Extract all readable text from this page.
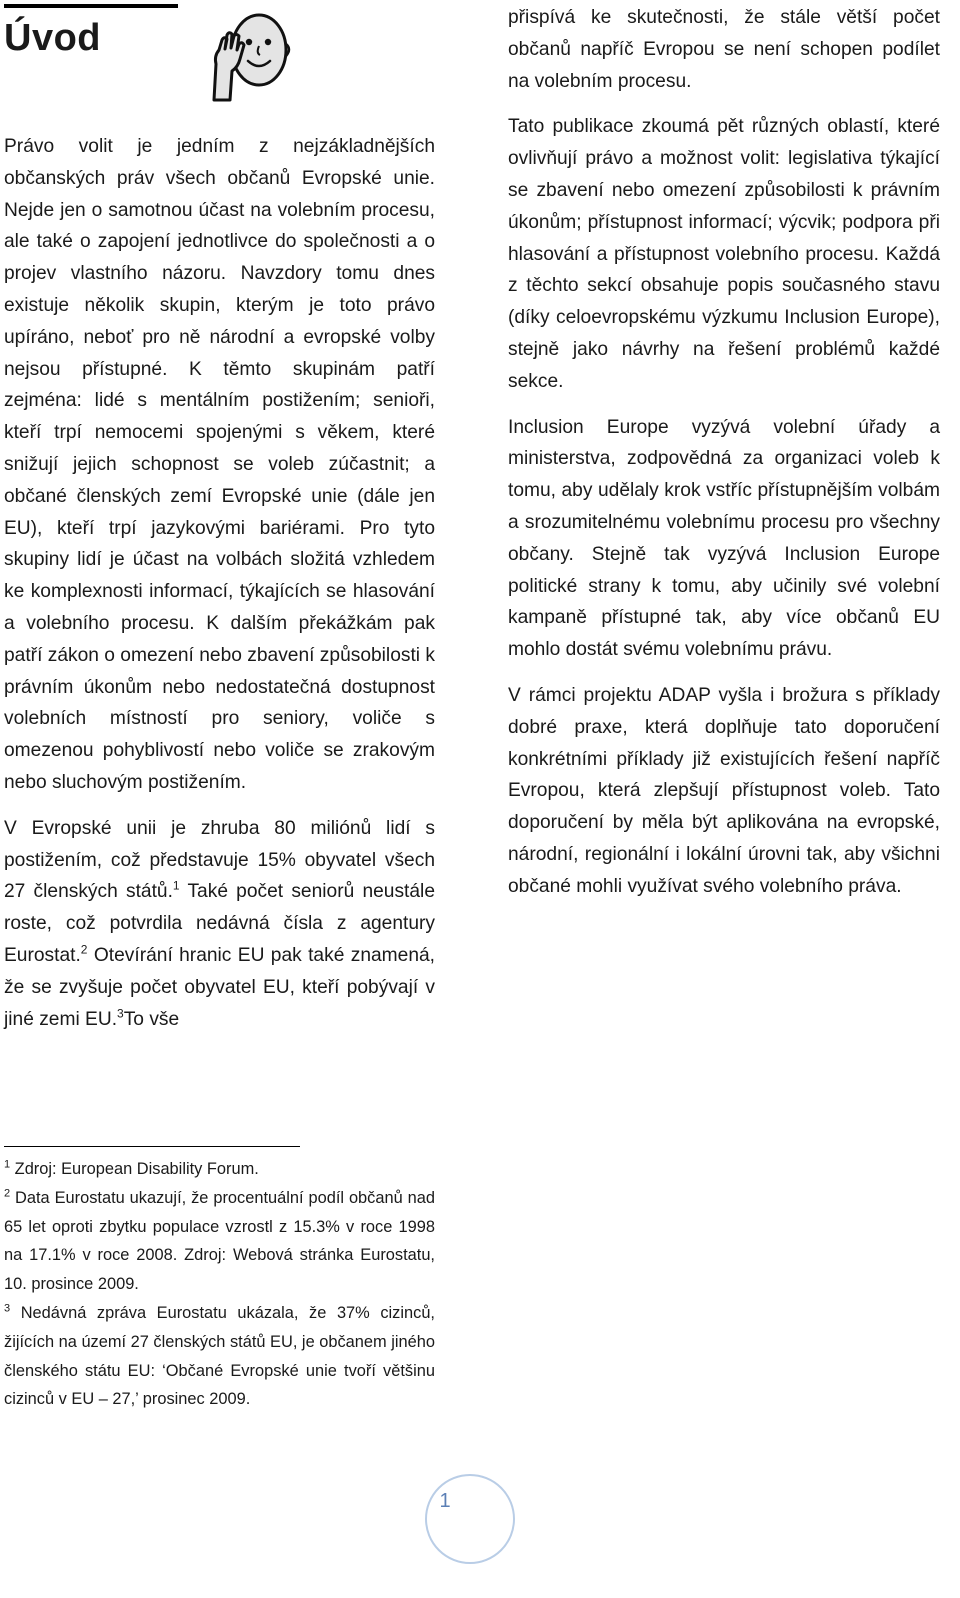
Úvod

Právo volit je jedním z nejzákladnějších občanských práv všech občanů Evropské unie. Nejde jen o samotnou účast na volebním procesu, ale také o zapojení jednotlivce do společnosti a o projev vlastního názoru. Navzdory tomu dnes existuje několik skupin, kterým je toto právo upíráno, neboť pro ně národní a evropské volby nejsou přístupné. K těmto skupinám patří zejména: lidé s mentálním postižením; senioři, kteří trpí nemocemi spojenými s věkem, které snižují jejich schopnost se voleb zúčastnit; a občané členských zemí Evropské unie (dále jen EU), kteří trpí jazykovými bariérami. Pro tyto skupiny lidí je účast na volbách složitá vzhledem ke komplexnosti informací, týkajících se hlasování a volebního procesu. K dalším překážkám pak patří zákon o omezení nebo zbavení způsobilosti k právním úkonům nebo nedostatečná dostupnost volebních místností pro seniory, voliče s omezenou pohyblivostí nebo voliče se zrakovým nebo sluchovým postižením.

V Evropské unii je zhruba 80 miliónů lidí s postižením, což představuje 15% obyvatel všech 27 členských států.$^1$ Také počet seniorů neustále roste, což potvrdila nedávná čísla z agentury Eurostat.$^2$ Otevírání hranic EU pak také znamená, že se zvyšuje počet obyvatel EU, kteří pobývají v jiné zemi EU.$^3$To vše

přispívá ke skutečnosti, že stále větší počet občanů napříč Evropou se není schopen podílet na volebním procesu.

Tato publikace zkoumá pět různých oblastí, které ovlivňují právo a možnost volit: legislativa týkající se zbavení nebo omezení způsobilosti k právním úkonům; přístupnost informací; výcvik; podpora při hlasování a přístupnost volebního procesu. Každá z těchto sekcí obsahuje popis současného stavu (díky celoevropskému výzkumu Inclusion Europe), stejně jako návrhy na řešení problémů každé sekce.

Inclusion Europe vyzývá volební úřady a ministerstva, zodpovědná za organizaci voleb k tomu, aby udělaly krok vstříc přístupnějším volbám a srozumitelnému volebnímu procesu pro všechny občany. Stejně tak vyzývá Inclusion Europe politické strany k tomu, aby učinily své volební kampaně přístupné tak, aby více občanů EU mohlo dostát svému volebnímu právu.

V rámci projektu ADAP vyšla i brožura s příklady dobré praxe, která doplňuje tato doporučení konkrétními příklady již existujících řešení napříč Evropou, která zlepšují přístupnost voleb. Tato doporučení by měla být aplikována na evropské, národní, regionální i lokální úrovni tak, aby všichni občané mohli využívat svého volebního práva.

$^1$ Zdroj: European Disability Forum.

$^2$ Data Eurostatu ukazují, že procentuální podíl občanů nad 65 let oproti zbytku populace vzrostl z 15.3% v roce 1998 na 17.1% v roce 2008. Zdroj: Webová stránka Eurostatu, 10. prosince 2009.

$^3$ Nedávná zpráva Eurostatu ukázala, že 37% cizinců, žijících na území 27 členských států EU, je občanem jiného členského státu EU: ‘Občané Evropské unie tvoří většinu cizinců v EU – 27,’ prosinec 2009.

1
